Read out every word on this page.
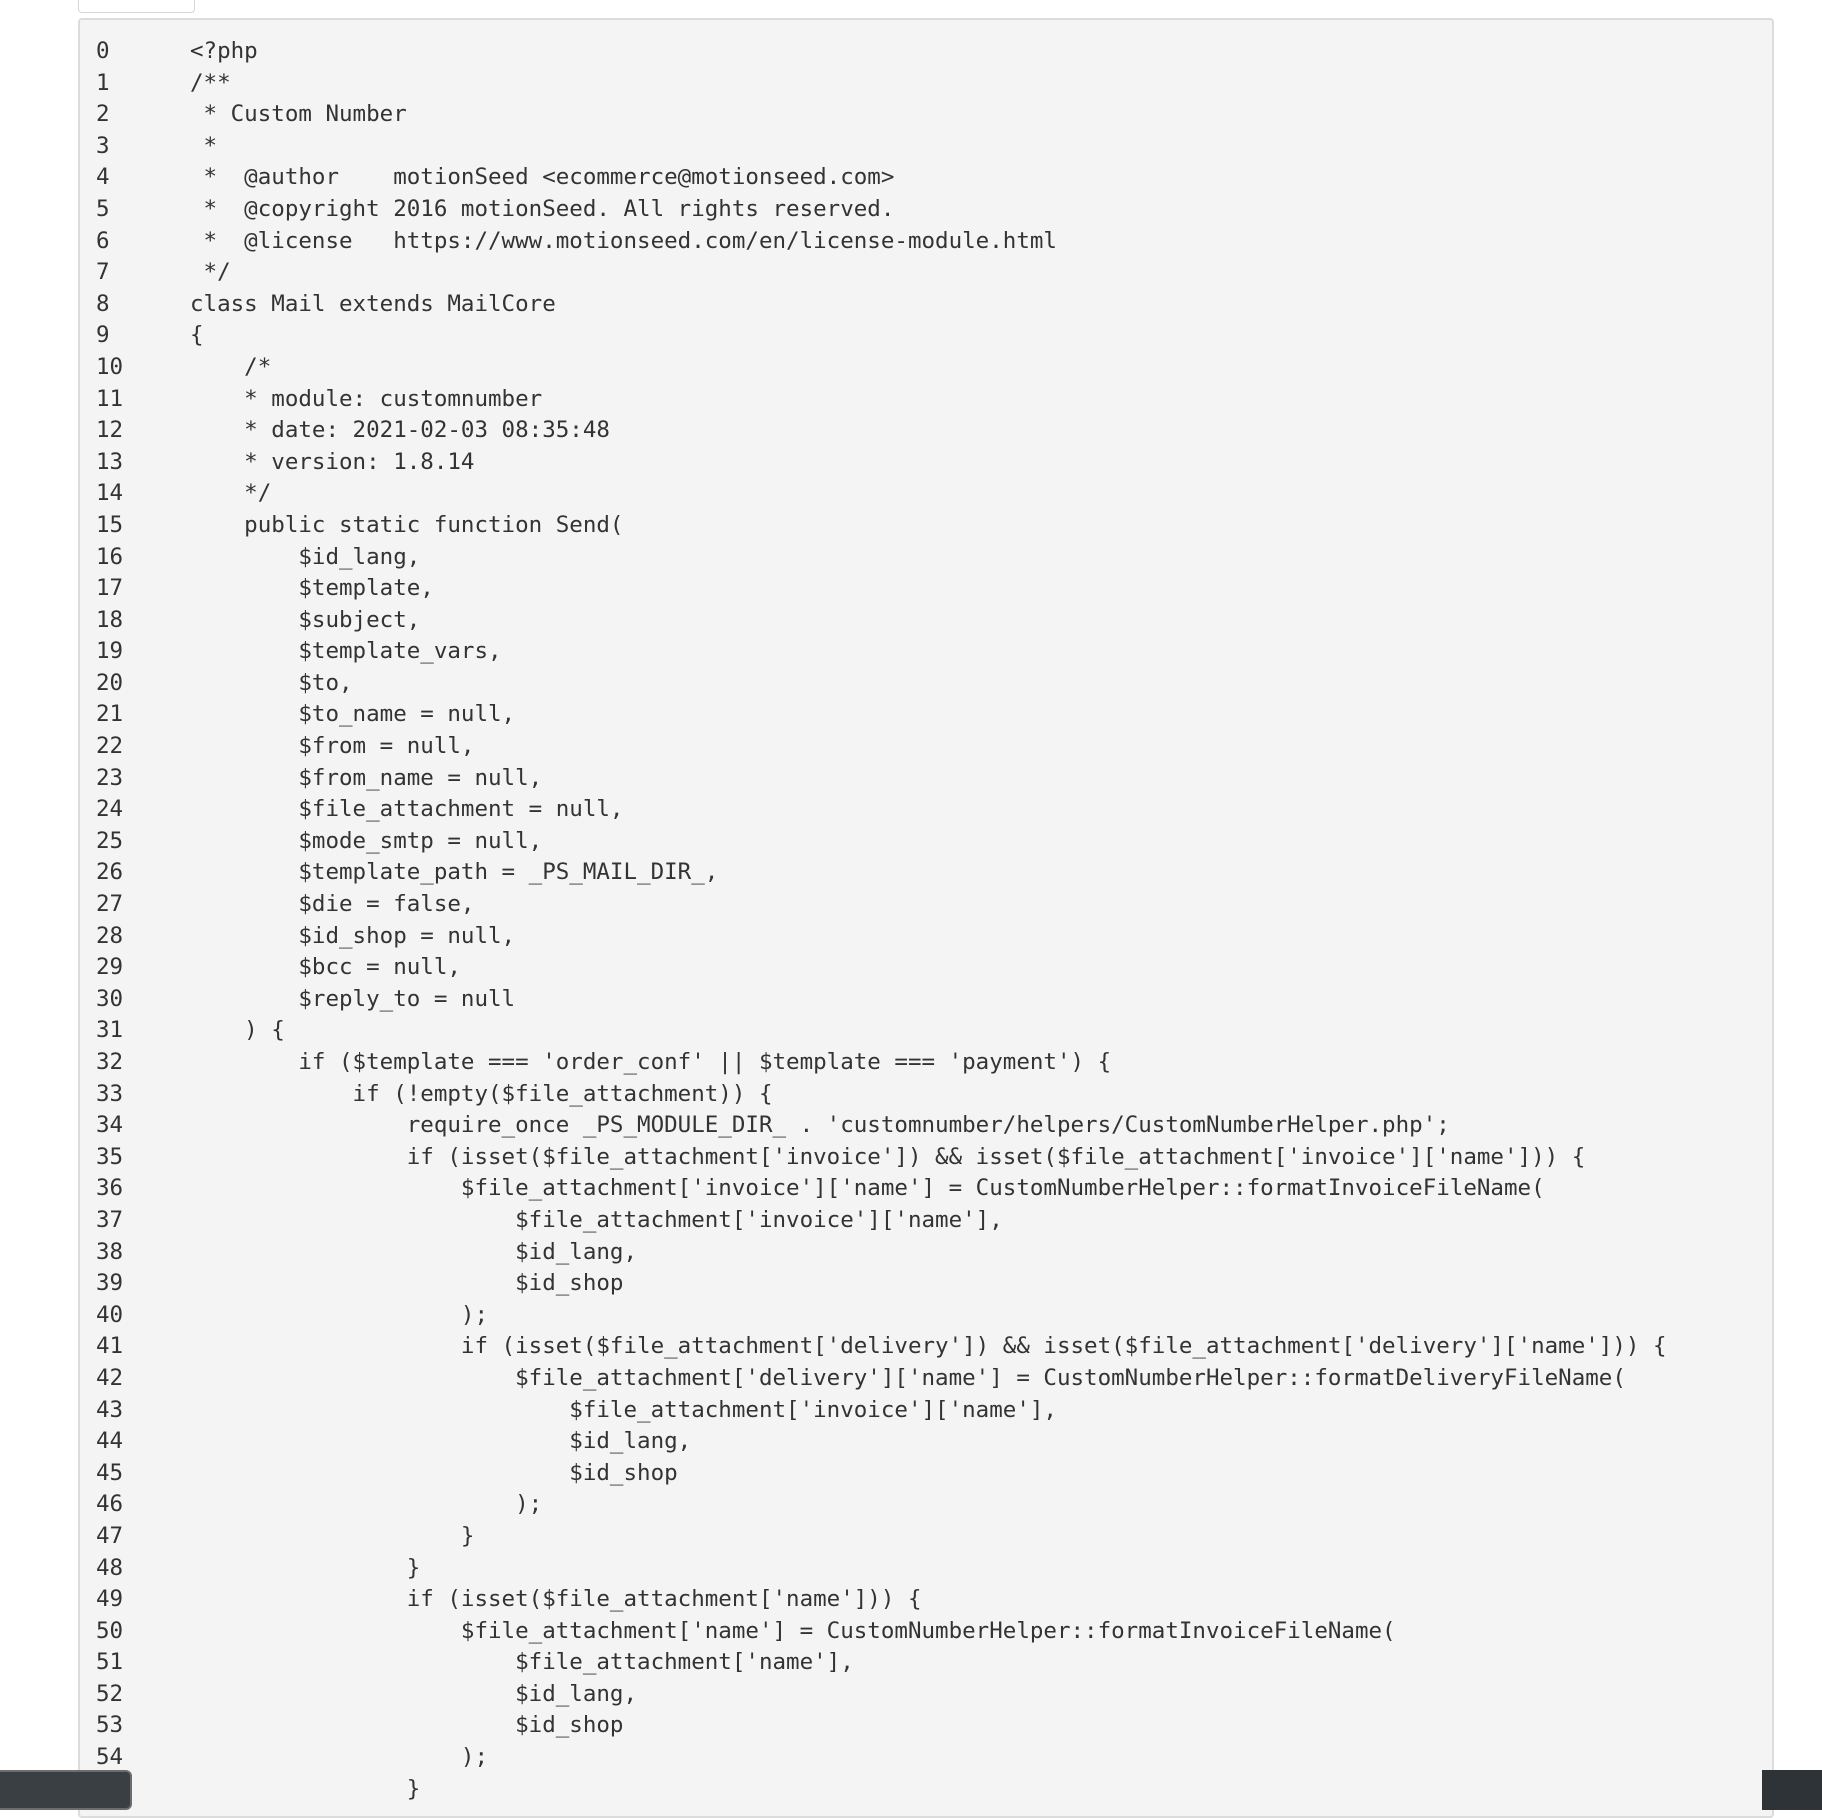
0	<?php
1	/**
2	* Custom Number
3	*
4	*  @author    motionSeed <ecommerce@motionseed.com>
5	*  @copyright 2016 motionSeed. All rights reserved.
6	*  @license   https://www.motionseed.com/en/license-module.html
7	*/
8	class Mail extends MailCore
9	{
10	/*
11	* module: customnumber
12	* date: 2021-02-03 08:35:48
13	* version: 1.8.14
14	*/
15	public static function Send(
16	$id_lang,
17	$template,
18	$subject,
19	$template_vars,
20	$to,
21	$to_name = null,
22	$from = null,
23	$from_name = null,
24	$file_attachment = null,
25	$mode_smtp = null,
26	$template_path = _PS_MAIL_DIR_,
27	$die = false,
28	$id_shop = null,
29	$bcc = null,
30	$reply_to = null
31	) {
32	if ($template === 'order_conf' || $template === 'payment') {
33	if (!empty($file_attachment)) {
34	require_once _PS_MODULE_DIR_ . 'customnumber/helpers/CustomNumberHelper.php';
35	if (isset($file_attachment['invoice']) && isset($file_attachment['invoice']['name'])) {
36	$file_attachment['invoice']['name'] = CustomNumberHelper::formatInvoiceFileName(
37	$file_attachment['invoice']['name'],
38	$id_lang,
39	$id_shop
40	);
41	if (isset($file_attachment['delivery']) && isset($file_attachment['delivery']['name'])) {
42	$file_attachment['delivery']['name'] = CustomNumberHelper::formatDeliveryFileName(
43	$file_attachment['invoice']['name'],
44	$id_lang,
45	$id_shop
46	);
47	}
48	}
49	if (isset($file_attachment['name'])) {
50	$file_attachment['name'] = CustomNumberHelper::formatInvoiceFileName(
51	$file_attachment['name'],
52	$id_lang,
53	$id_shop
54	);
}
